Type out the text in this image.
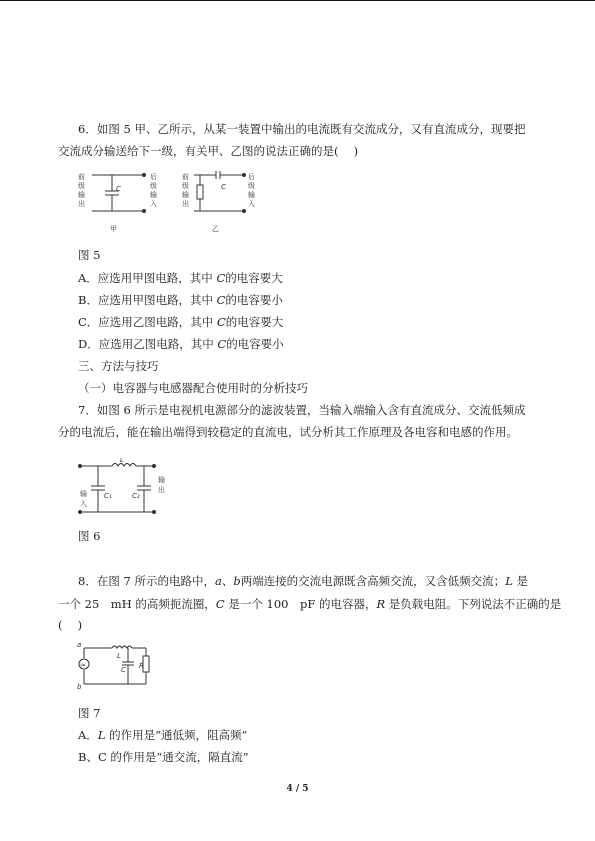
6．如图 5 甲、乙所示，从某一装置中输出的电流既有交流成分，又有直流成分，现要把

交流成分输送给下一级，有关甲、乙图的说法正确的是(　 )

前
级
输
出
后
级
输
入
前
级
输
出
后
级
输
入
C	C
甲	乙

图 5

A．应选用甲图电路，其中 C的电容要大

B．应选用甲图电路，其中 C的电容要小

C．应选用乙图电路，其中 C的电容要大

D．应选用乙图电路，其中 C的电容要小

三、方法与技巧

（一）电容器与电感器配合使用时的分析技巧

7．如图 6 所示是电视机电源部分的滤波装置，当输入端输入含有直流成分、交流低频成

分的电流后，能在输出端得到较稳定的直流电，试分析其工作原理及各电容和电感的作用。

L
C₁	C₂
输
入
输
出

图 6

8．在图 7 所示的电路中，a、b两端连接的交流电源既含高频交流，又含低频交流；L 是

一个 25　mH 的高频扼流圈，C 是一个 100　pF 的电容器，R 是负载电阻。下列说法不正确的是

(　 )

a
b
L
C R
≈

图 7

A．L 的作用是“通低频，阻高频”

B、C 的作用是“通交流，隔直流”

4 / 5
